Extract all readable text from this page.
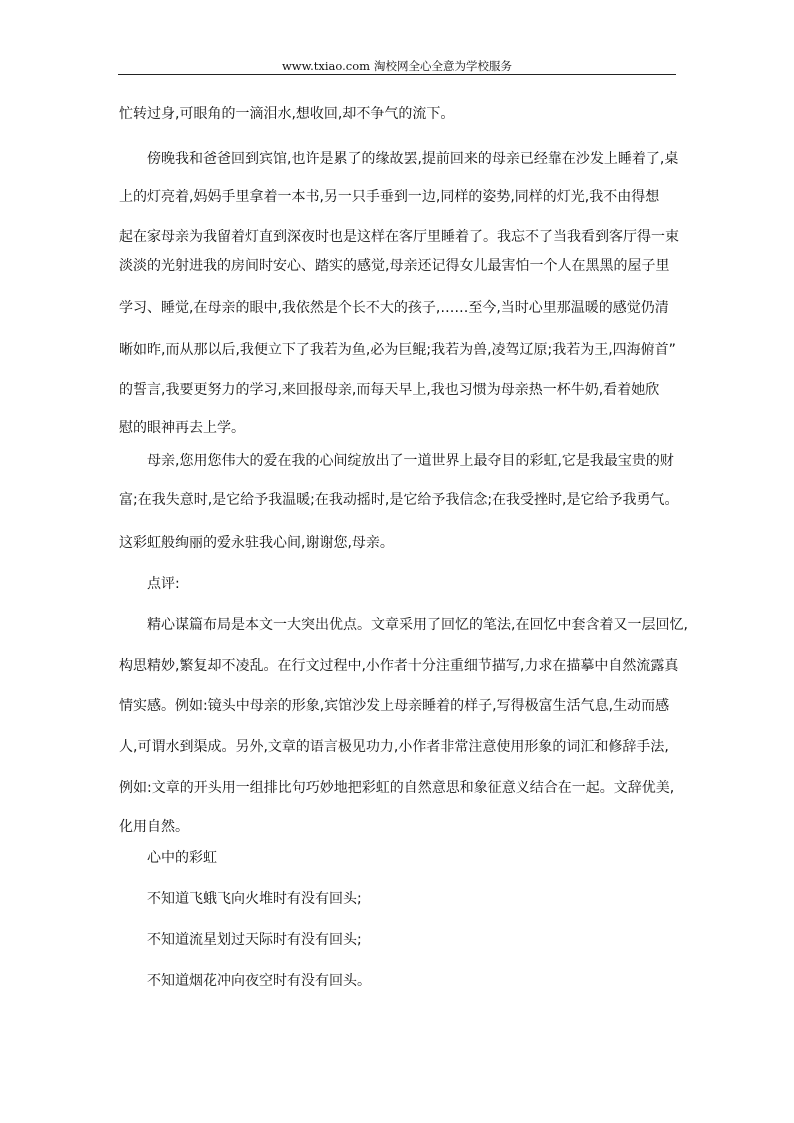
www.txiao.com 淘校网全心全意为学校服务
忙转过身,可眼角的一滴泪水,想收回,却不争气的流下。
傍晚我和爸爸回到宾馆,也许是累了的缘故罢,提前回来的母亲已经靠在沙发上睡着了,桌
上的灯亮着,妈妈手里拿着一本书,另一只手垂到一边,同样的姿势,同样的灯光,我不由得想
起在家母亲为我留着灯直到深夜时也是这样在客厅里睡着了。我忘不了当我看到客厅得一束
淡淡的光射进我的房间时安心、踏实的感觉,母亲还记得女儿最害怕一个人在黑黑的屋子里
学习、睡觉,在母亲的眼中,我依然是个长不大的孩子,……至今,当时心里那温暖的感觉仍清
晰如昨,而从那以后,我便立下了我若为鱼,必为巨鲲;我若为兽,凌驾辽原;我若为王,四海俯首”
的誓言,我要更努力的学习,来回报母亲,而每天早上,我也习惯为母亲热一杯牛奶,看着她欣
慰的眼神再去上学。
母亲,您用您伟大的爱在我的心间绽放出了一道世界上最夺目的彩虹,它是我最宝贵的财
富;在我失意时,是它给予我温暖;在我动摇时,是它给予我信念;在我受挫时,是它给予我勇气。
这彩虹般绚丽的爱永驻我心间,谢谢您,母亲。
点评:
精心谋篇布局是本文一大突出优点。文章采用了回忆的笔法,在回忆中套含着又一层回忆,
构思精妙,繁复却不凌乱。在行文过程中,小作者十分注重细节描写,力求在描摹中自然流露真
情实感。例如:镜头中母亲的形象,宾馆沙发上母亲睡着的样子,写得极富生活气息,生动而感
人,可谓水到渠成。另外,文章的语言极见功力,小作者非常注意使用形象的词汇和修辞手法,
例如:文章的开头用一组排比句巧妙地把彩虹的自然意思和象征意义结合在一起。文辞优美,
化用自然。
心中的彩虹
不知道飞蛾飞向火堆时有没有回头;
不知道流星划过天际时有没有回头;
不知道烟花冲向夜空时有没有回头。
